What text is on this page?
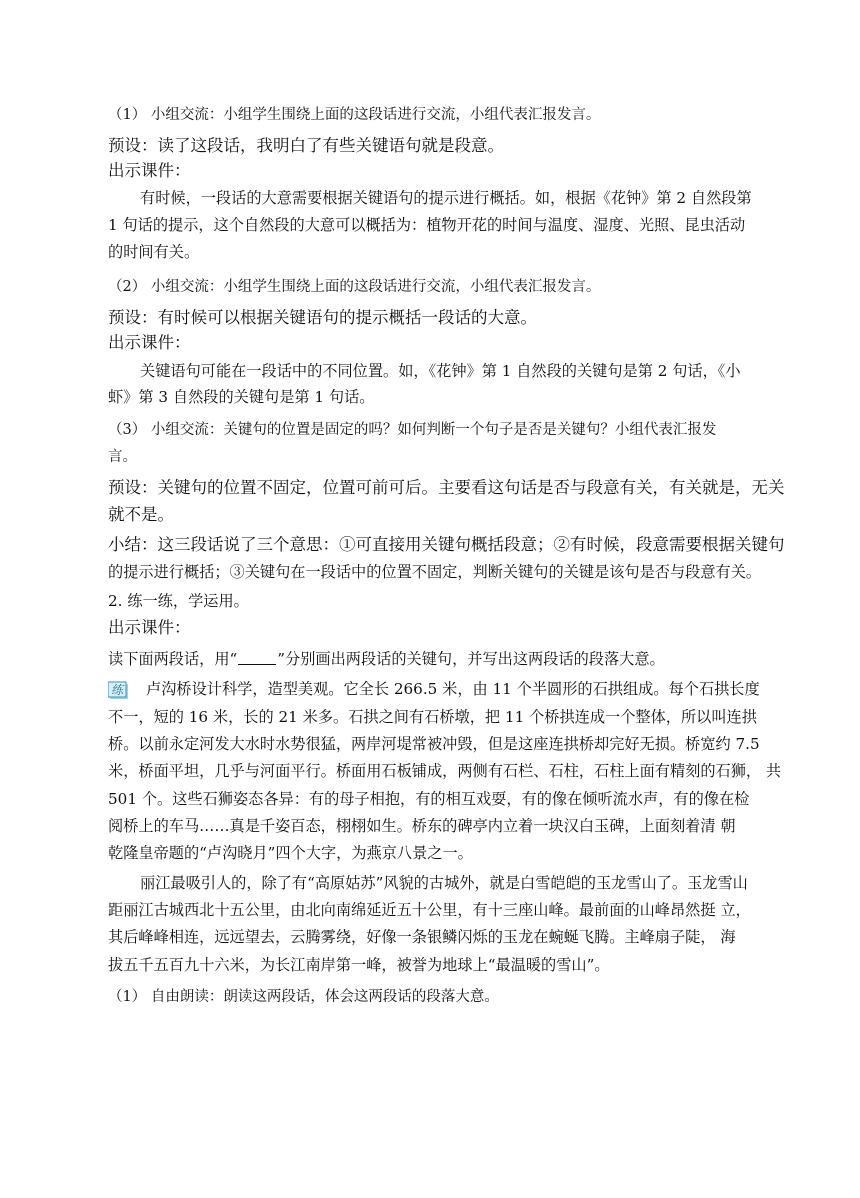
（1） 小组交流：小组学生围绕上面的这段话进行交流，小组代表汇报发言。
预设：读了这段话，我明白了有些关键语句就是段意。
出示课件：
有时候，一段话的大意需要根据关键语句的提示进行概括。如，根据《花钟》第 2 自然段第
1 句话的提示，这个自然段的大意可以概括为：植物开花的时间与温度、湿度、光照、昆虫活动
的时间有关。
（2） 小组交流：小组学生围绕上面的这段话进行交流，小组代表汇报发言。
预设：有时候可以根据关键语句的提示概括一段话的大意。
出示课件：
关键语句可能在一段话中的不同位置。如，《花钟》第 1 自然段的关键句是第 2 句话，《小
虾》第 3 自然段的关键句是第 1 句话。
（3） 小组交流：关键句的位置是固定的吗？如何判断一个句子是否是关键句？小组代表汇报发
言。
预设：关键句的位置不固定，位置可前可后。主要看这句话是否与段意有关，有关就是，无关
就不是。
小结：这三段话说了三个意思：①可直接用关键句概括段意；②有时候，段意需要根据关键句
的提示进行概括；③关键句在一段话中的位置不固定，判断关键句的关键是该句是否与段意有关。
2. 练一练，学运用。
出示课件：
读下面两段话，用“	”分别画出两段话的关键句，并写出这两段话的段落大意。
练 卢沟桥设计科学，造型美观。它全长 266.5 米，由 11 个半圆形的石拱组成。每个石拱长度
不一，短的 16 米，长的 21 米多。石拱之间有石桥墩，把 11 个桥拱连成一个整体，所以叫连拱
桥。以前永定河发大水时水势很猛，两岸河堤常被冲毁，但是这座连拱桥却完好无损。桥宽约 7.5
米，桥面平坦，几乎与河面平行。桥面用石板铺成，两侧有石栏、石柱，石柱上面有精刻的石狮， 共
501 个。这些石狮姿态各异：有的母子相抱，有的相互戏耍，有的像在倾听流水声，有的像在检
阅桥上的车马……真是千姿百态，栩栩如生。桥东的碑亭内立着一块汉白玉碑，上面刻着清 朝
乾隆皇帝题的“卢沟晓月”四个大字，为燕京八景之一。
丽江最吸引人的，除了有“高原姑苏”风貌的古城外，就是白雪皑皑的玉龙雪山了。玉龙雪山
距丽江古城西北十五公里，由北向南绵延近五十公里，有十三座山峰。最前面的山峰昂然挺 立，
其后峰峰相连，远远望去，云腾雾绕，好像一条银鳞闪烁的玉龙在蜿蜒飞腾。主峰扇子陡， 海
拔五千五百九十六米，为长江南岸第一峰，被誉为地球上“最温暖的雪山”。
（1） 自由朗读：朗读这两段话，体会这两段话的段落大意。
